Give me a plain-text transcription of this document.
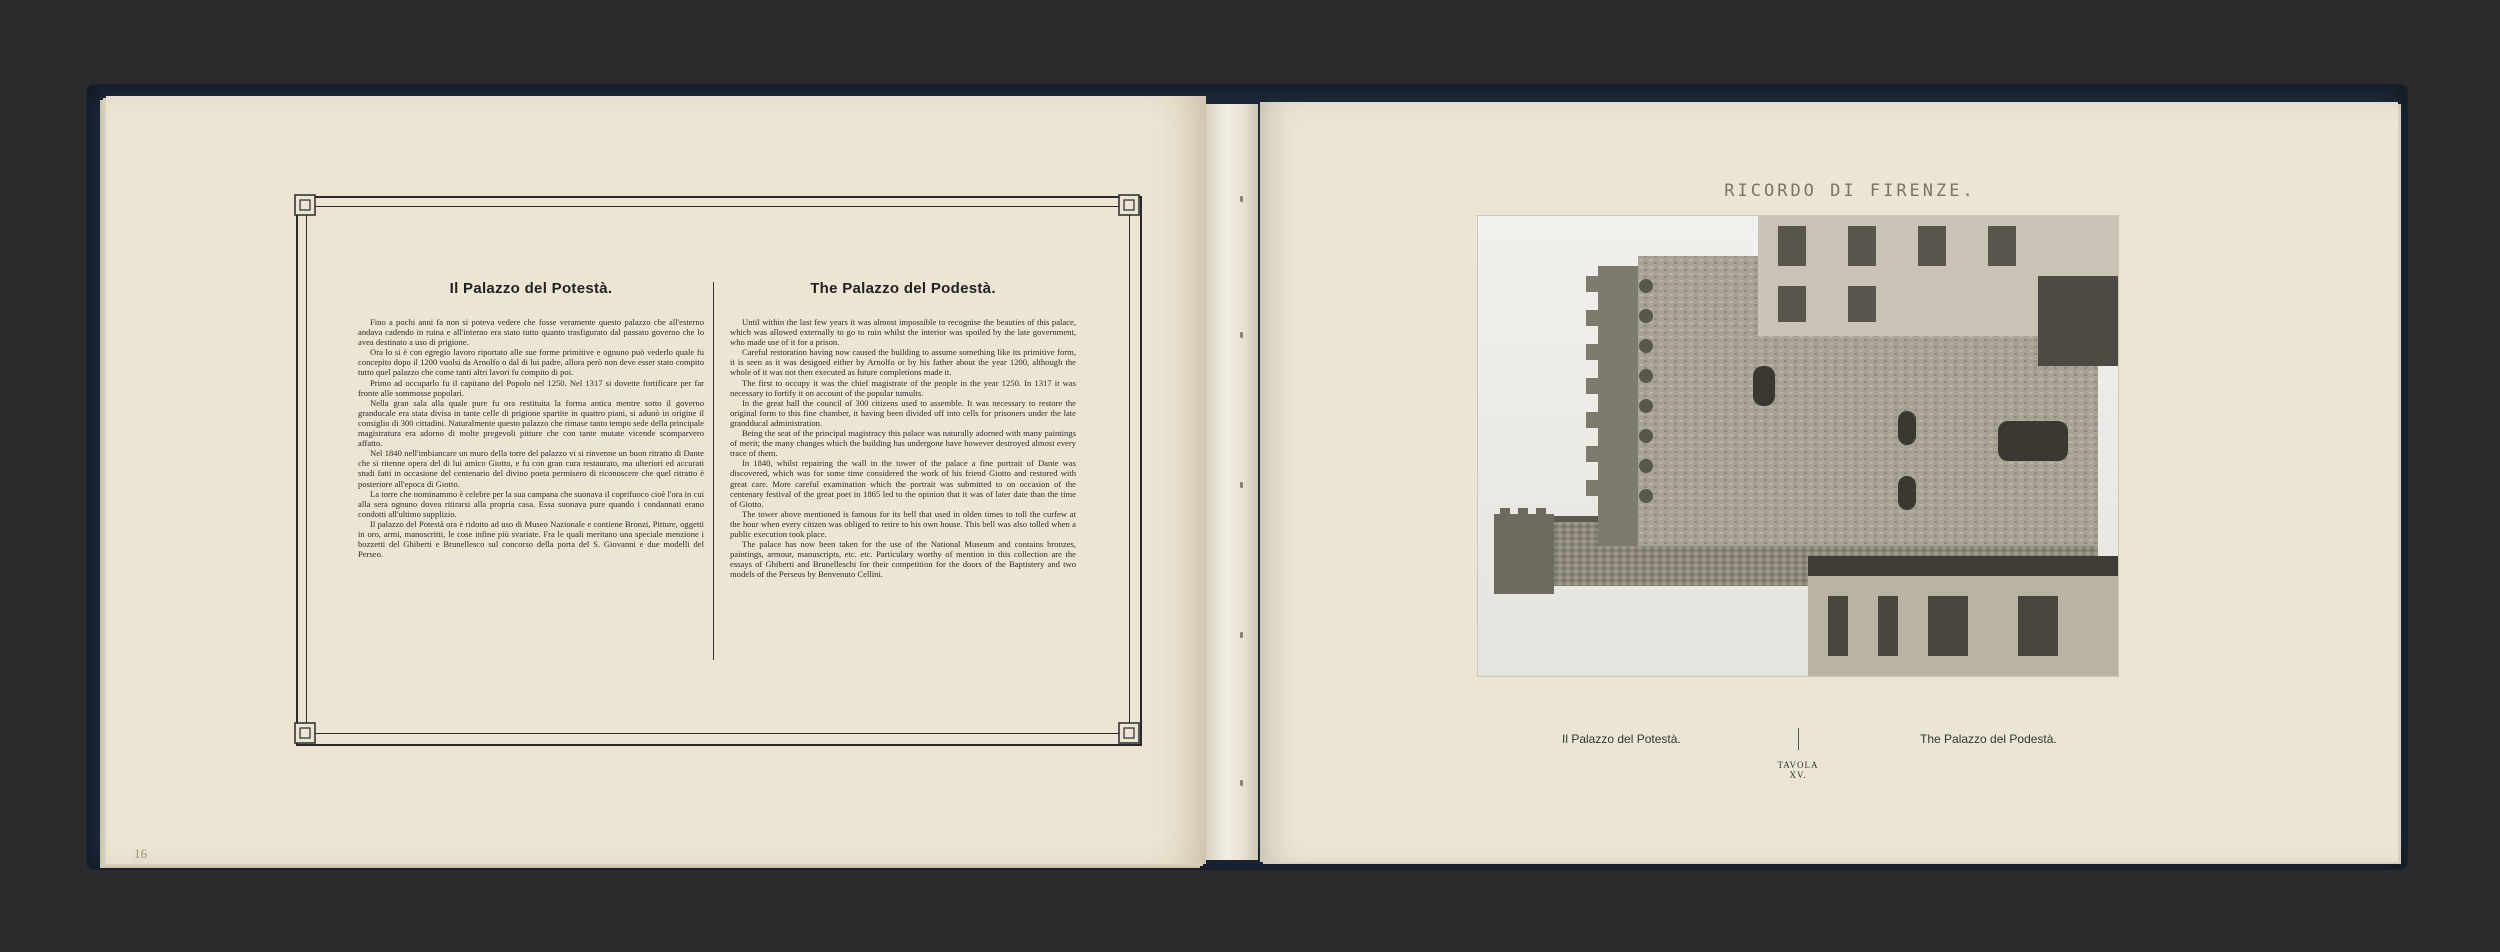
Il Palazzo del Potestà.

Fino a pochi anni fa non si poteva vedere che fosse veramente questo palazzo che all'esterno andava cadendo in ruina e all'interno era stato tutto quanto trasfigurato dal passato governo che lo avea destinato a uso di prigione.

Ora lo si è con egregio lavoro riportato alle sue forme primitive e ognuno può vederlo quale fu concepito dopo il 1200 vuolsi da Arnolfo o dal di lui padre, allora però non deve esser stato compito tutto quel palazzo che come tanti altri lavori fu compito di poi.

Primo ad occuparlo fu il capitano del Popolo nel 1250. Nel 1317 si dovette fortificare per far fronte alle sommosse popolari.

Nella gran sala alla quale pure fu ora restituita la forma antica mentre sotto il governo granducale era stata divisa in tante celle di prigione spartite in quattro piani, si adunò in origine il consiglio di 300 cittadini. Naturalmente questo palazzo che rimase tanto tempo sede della principale magistratura era adorno di molte pregevoli pitture che con tante mutate vicende scomparvero affatto.

Nel 1840 nell'imbiancare un muro della torre del palazzo vi si rinvenne un buon ritratto di Dante che si ritenne opera del di lui amico Giotto, e fu con gran cura restaurato, ma ulteriori ed accurati studi fatti in occasione del centenario del divino poeta permisero di riconoscere che quel ritratto è posteriore all'epoca di Giotto.

La torre che nominammo è celebre per la sua campana che suonava il coprifuoco cioè l'ora in cui alla sera ognuno dovea ritirarsi alla propria casa. Essa suonava pure quando i condannati erano condotti all'ultimo supplizio.

Il palazzo del Potestà ora è ridotto ad uso di Museo Nazionale e contiene Bronzi, Pitture, oggetti in oro, armi, manoscritti, le cose infine più svariate. Fra le quali meritano una speciale menzione i bozzetti del Ghiberti e Brunellesco sul concorso della porta del S. Giovanni e due modelli del Perseo.

The Palazzo del Podestà.

Until within the last few years it was almost impossible to recognise the beauties of this palace, which was allowed externally to go to ruin whilst the interior was spoiled by the late government, who made use of it for a prison.

Careful restoration having now caused the building to assume something like its primitive form, it is seen as it was designed either by Arnolfo or by his father about the year 1200, although the whole of it was not then executed as future completions made it.

The first to occupy it was the chief magistrate of the people in the year 1250. In 1317 it was necessary to fortify it on account of the popular tumults.

In the great hall the council of 300 citizens used to assemble. It was necessary to restore the original form to this fine chamber, it having been divided off into cells for prisoners under the late grandducal administration.

Being the seat of the principal magistracy this palace was naturally adorned with many paintings of merit; the many changes which the building has undergone have however destroyed almost every trace of them.

In 1840, whilst repairing the wall in the tower of the palace a fine portrait of Dante was discovered, which was for some time considered the work of his friend Giotto and restored with great care. More careful examination which the portrait was submitted to on occasion of the centenary festival of the great poet in 1865 led to the opinion that it was of later date than the time of Giotto.

The tower above mentioned is famous for its bell that used in olden times to toll the curfew at the hour when every citizen was obliged to retire to his own house. This bell was also tolled when a public execution took place.

The palace has now been taken for the use of the National Museum and contains bronzes, paintings, armour, manuscripts, etc. etc. Particulary worthy of mention in this collection are the essays of Ghiberti and Brunelleschi for their competition for the doors of the Baptistery and two models of the Perseus by Benvenuto Cellini.

16
RICORDO DI FIRENZE.
Il Palazzo del Potestà.	The Palazzo del Podestà.
TAVOLA XV.
